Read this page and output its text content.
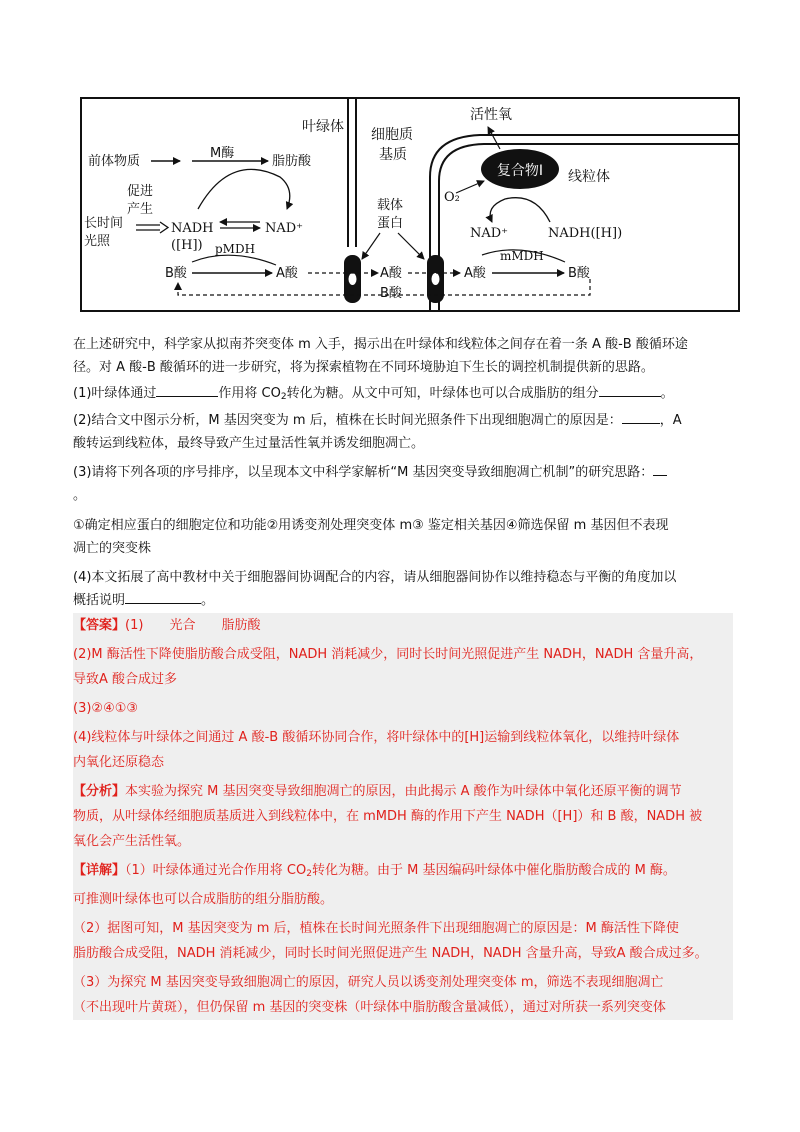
复合物Ⅰ
叶绿体 细胞质
基质
活性氧
线粒体
前体物质
M酶
脂肪酸
促进
产生
长时间
光照
NADH
([H])
NAD⁺
pMDH
B酸	A酸
载体
蛋白
A酸
B酸
A酸	B酸
NAD⁺	NADH([H])
mMDH
O₂
在上述研究中，科学家从拟南芥突变体 m 入手，揭示出在叶绿体和线粒体之间存在着一条 A 酸-B 酸循环途
径。对 A 酸-B 酸循环的进一步研究，将为探索植物在不同环境胁迫下生长的调控机制提供新的思路。
(1)叶绿体通过	作用将 CO2转化为糖。从文中可知，叶绿体也可以合成脂肪的组分	。
(2)结合文中图示分析，M 基因突变为 m 后，植株在长时间光照条件下出现细胞凋亡的原因是：	，A
酸转运到线粒体，最终导致产生过量活性氧并诱发细胞凋亡。
(3)请将下列各项的序号排序，以呈现本文中科学家解析“M 基因突变导致细胞凋亡机制”的研究思路：
。
①确定相应蛋白的细胞定位和功能②用诱变剂处理突变体 m③ 鉴定相关基因④筛选保留 m 基因但不表现
凋亡的突变株
(4)本文拓展了高中教材中关于细胞器间协调配合的内容，请从细胞器间协作以维持稳态与平衡的角度加以
概括说明	。
【答案】(1) 光合 脂肪酸
(2)M 酶活性下降使脂肪酸合成受阻，NADH 消耗减少，同时长时间光照促进产生 NADH，NADH 含量升高，
导致A 酸合成过多
(3)②④①③
(4)线粒体与叶绿体之间通过 A 酸-B 酸循环协同合作，将叶绿体中的[H]运输到线粒体氧化，以维持叶绿体
内氧化还原稳态
【分析】本实验为探究 M 基因突变导致细胞凋亡的原因，由此揭示 A 酸作为叶绿体中氧化还原平衡的调节
物质，从叶绿体经细胞质基质进入到线粒体中，在 mMDH 酶的作用下产生 NADH（[H]）和 B 酸，NADH 被
氧化会产生活性氧。
【详解】（1）叶绿体通过光合作用将 CO2转化为糖。由于 M 基因编码叶绿体中催化脂肪酸合成的 M 酶。
可推测叶绿体也可以合成脂肪的组分脂肪酸。
（2）据图可知，M 基因突变为 m 后，植株在长时间光照条件下出现细胞凋亡的原因是：M 酶活性下降使
脂肪酸合成受阻，NADH 消耗减少，同时长时间光照促进产生 NADH，NADH 含量升高，导致A 酸合成过多。
（3）为探究 M 基因突变导致细胞凋亡的原因，研究人员以诱变剂处理突变体 m，筛选不表现细胞凋亡
（不出现叶片黄斑），但仍保留 m 基因的突变株（叶绿体中脂肪酸含量减低），通过对所获一系列突变体
